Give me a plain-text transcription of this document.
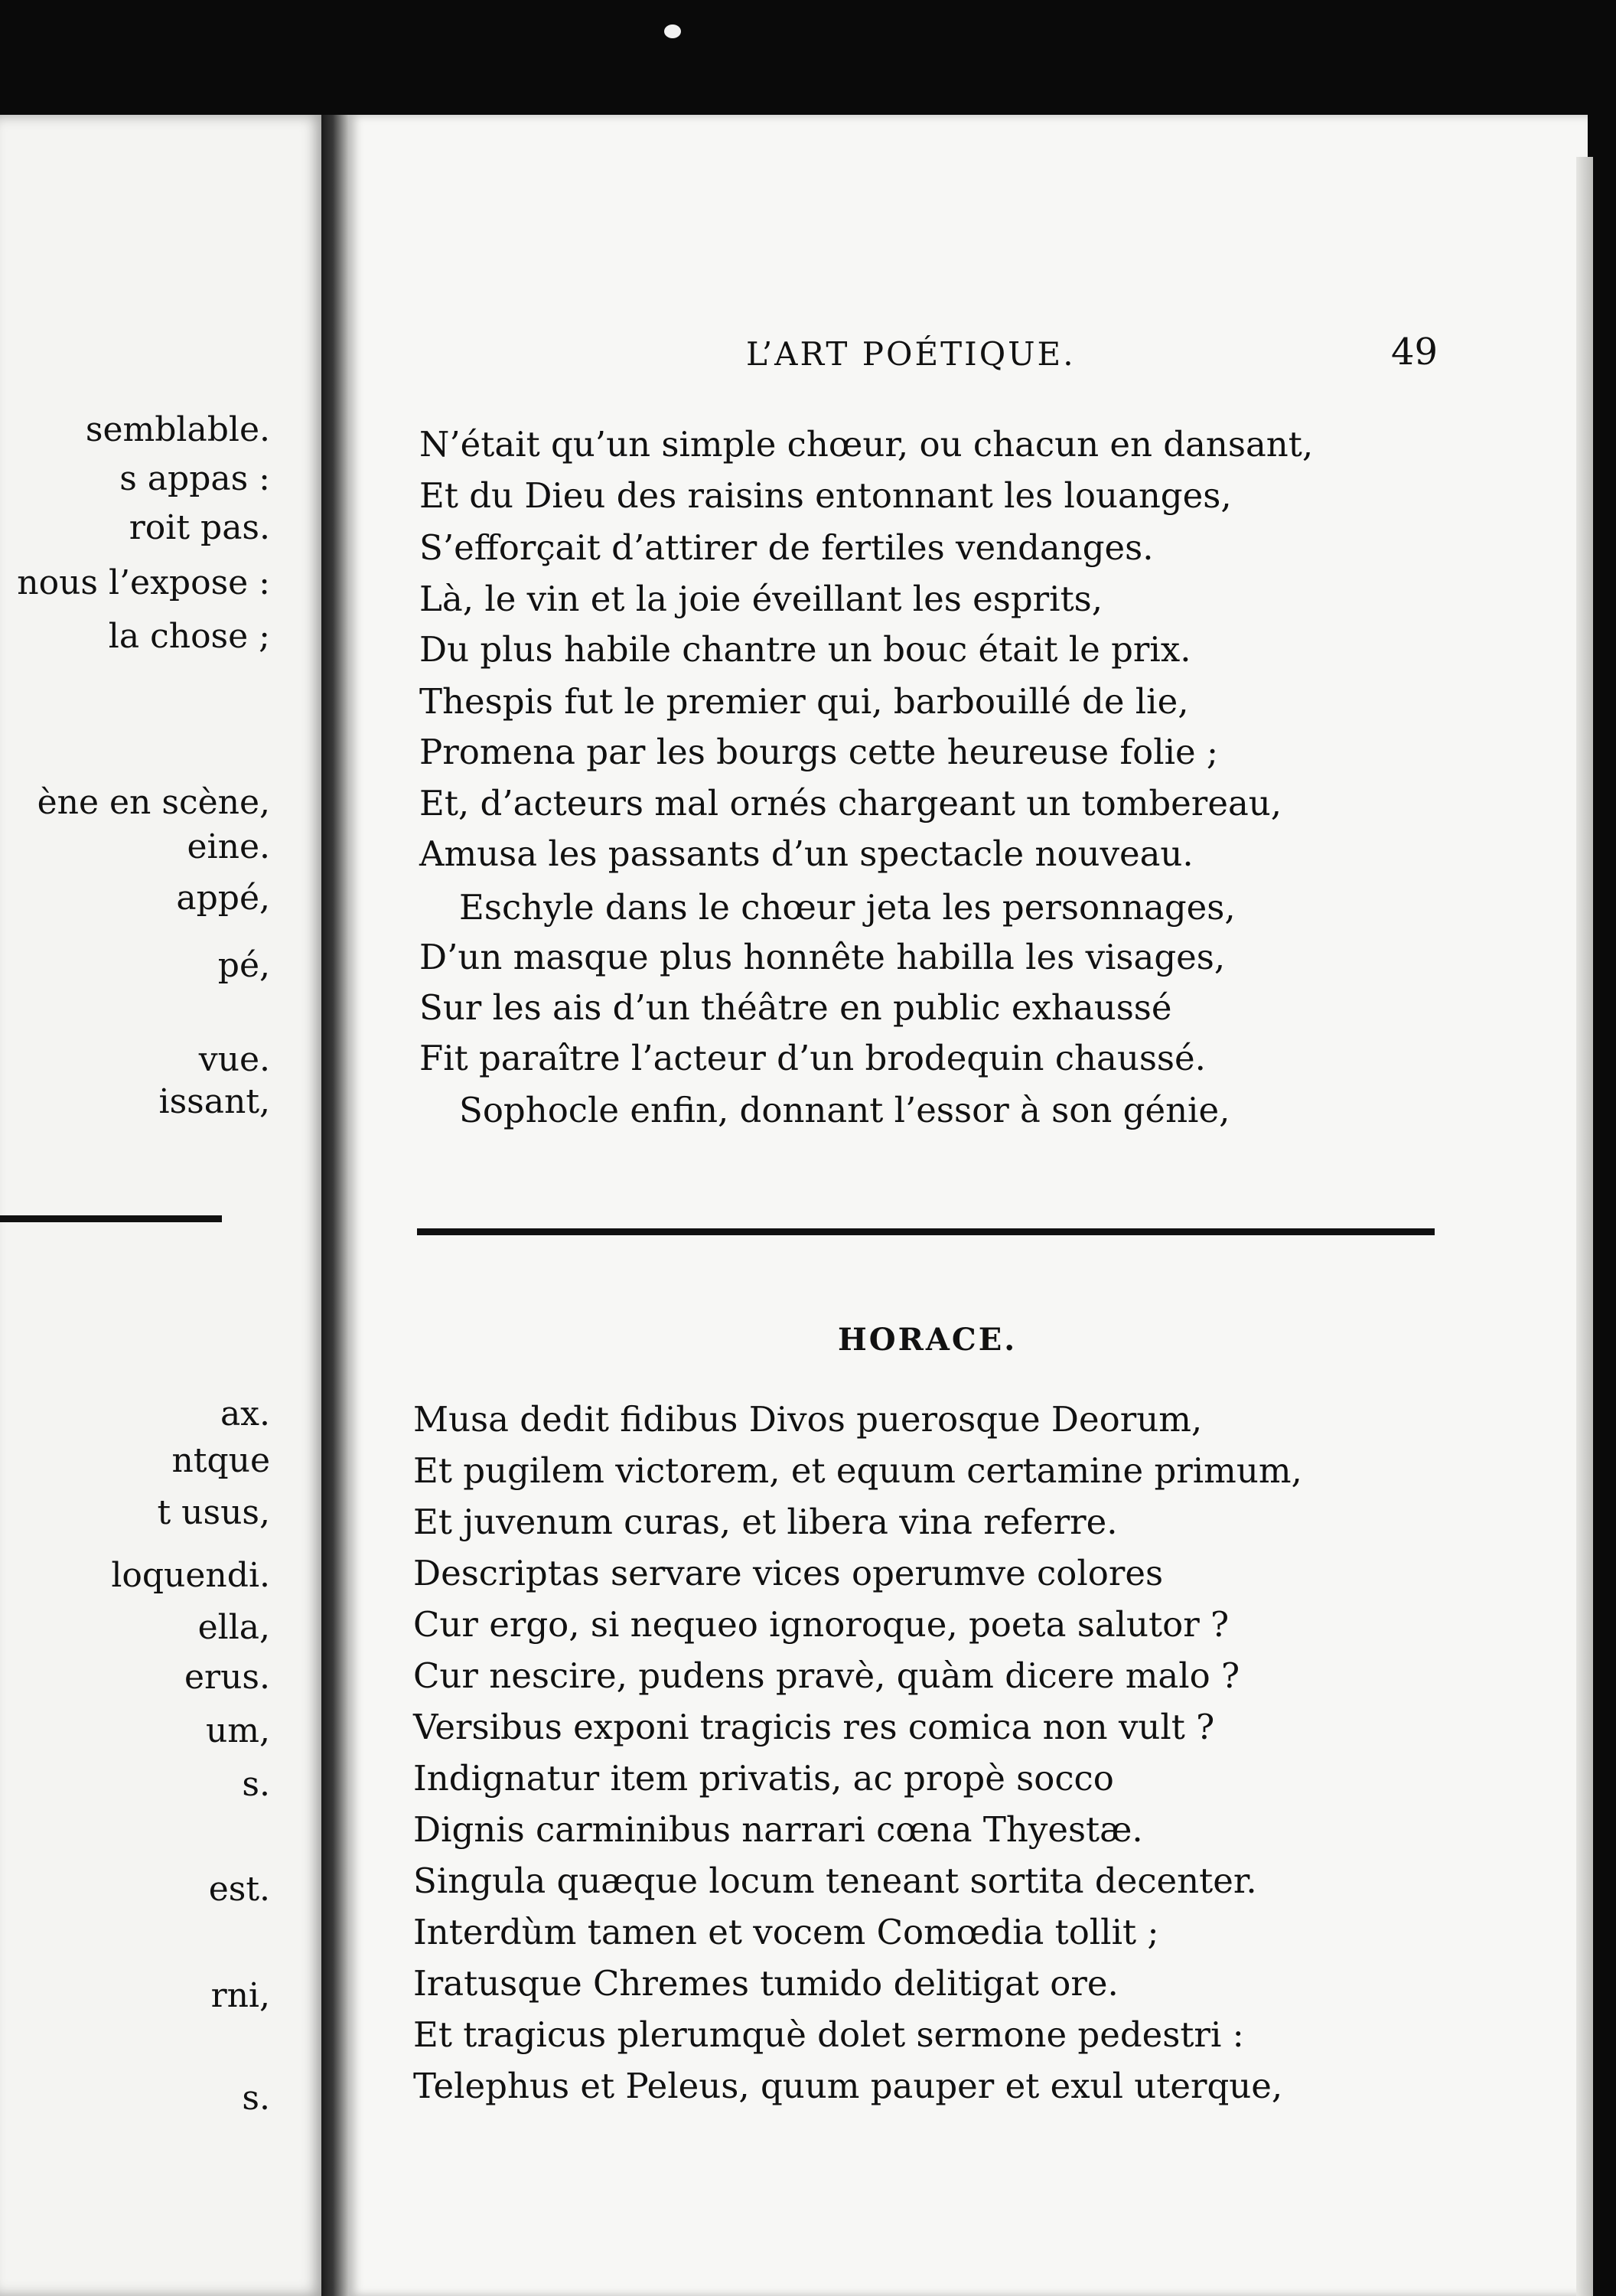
semblable.
s appas :
roit pas.
nous l’expose :
la chose ;
ène en scène,
eine.
appé,
pé,
vue.
issant,
ax.
ntque
t usus,
loquendi.
ella,
erus.
um,
s.
est.
rni,
s.
L’ART POÉTIQUE.	49
N’était qu’un simple chœur, ou chacun en dansant,
Et du Dieu des raisins entonnant les louanges,
S’efforçait d’attirer de fertiles vendanges.
Là, le vin et la joie éveillant les esprits,
Du plus habile chantre un bouc était le prix.
Thespis fut le premier qui, barbouillé de lie,
Promena par les bourgs cette heureuse folie ;
Et, d’acteurs mal ornés chargeant un tombereau,
Amusa les passants d’un spectacle nouveau.
Eschyle dans le chœur jeta les personnages,
D’un masque plus honnête habilla les visages,
Sur les ais d’un théâtre en public exhaussé
Fit paraître l’acteur d’un brodequin chaussé.
Sophocle enfin, donnant l’essor à son génie,
HORACE.
Musa dedit fidibus Divos puerosque Deorum,
Et pugilem victorem, et equum certamine primum,
Et juvenum curas, et libera vina referre.
Descriptas servare vices operumve colores
Cur ergo, si nequeo ignoroque, poeta salutor ?
Cur nescire, pudens pravè, quàm dicere malo ?
Versibus exponi tragicis res comica non vult ?
Indignatur item privatis, ac propè socco
Dignis carminibus narrari cœna Thyestæ.
Singula quæque locum teneant sortita decenter.
Interdùm tamen et vocem Comœdia tollit ;
Iratusque Chremes tumido delitigat ore.
Et tragicus plerumquè dolet sermone pedestri :
Telephus et Peleus, quum pauper et exul uterque,
